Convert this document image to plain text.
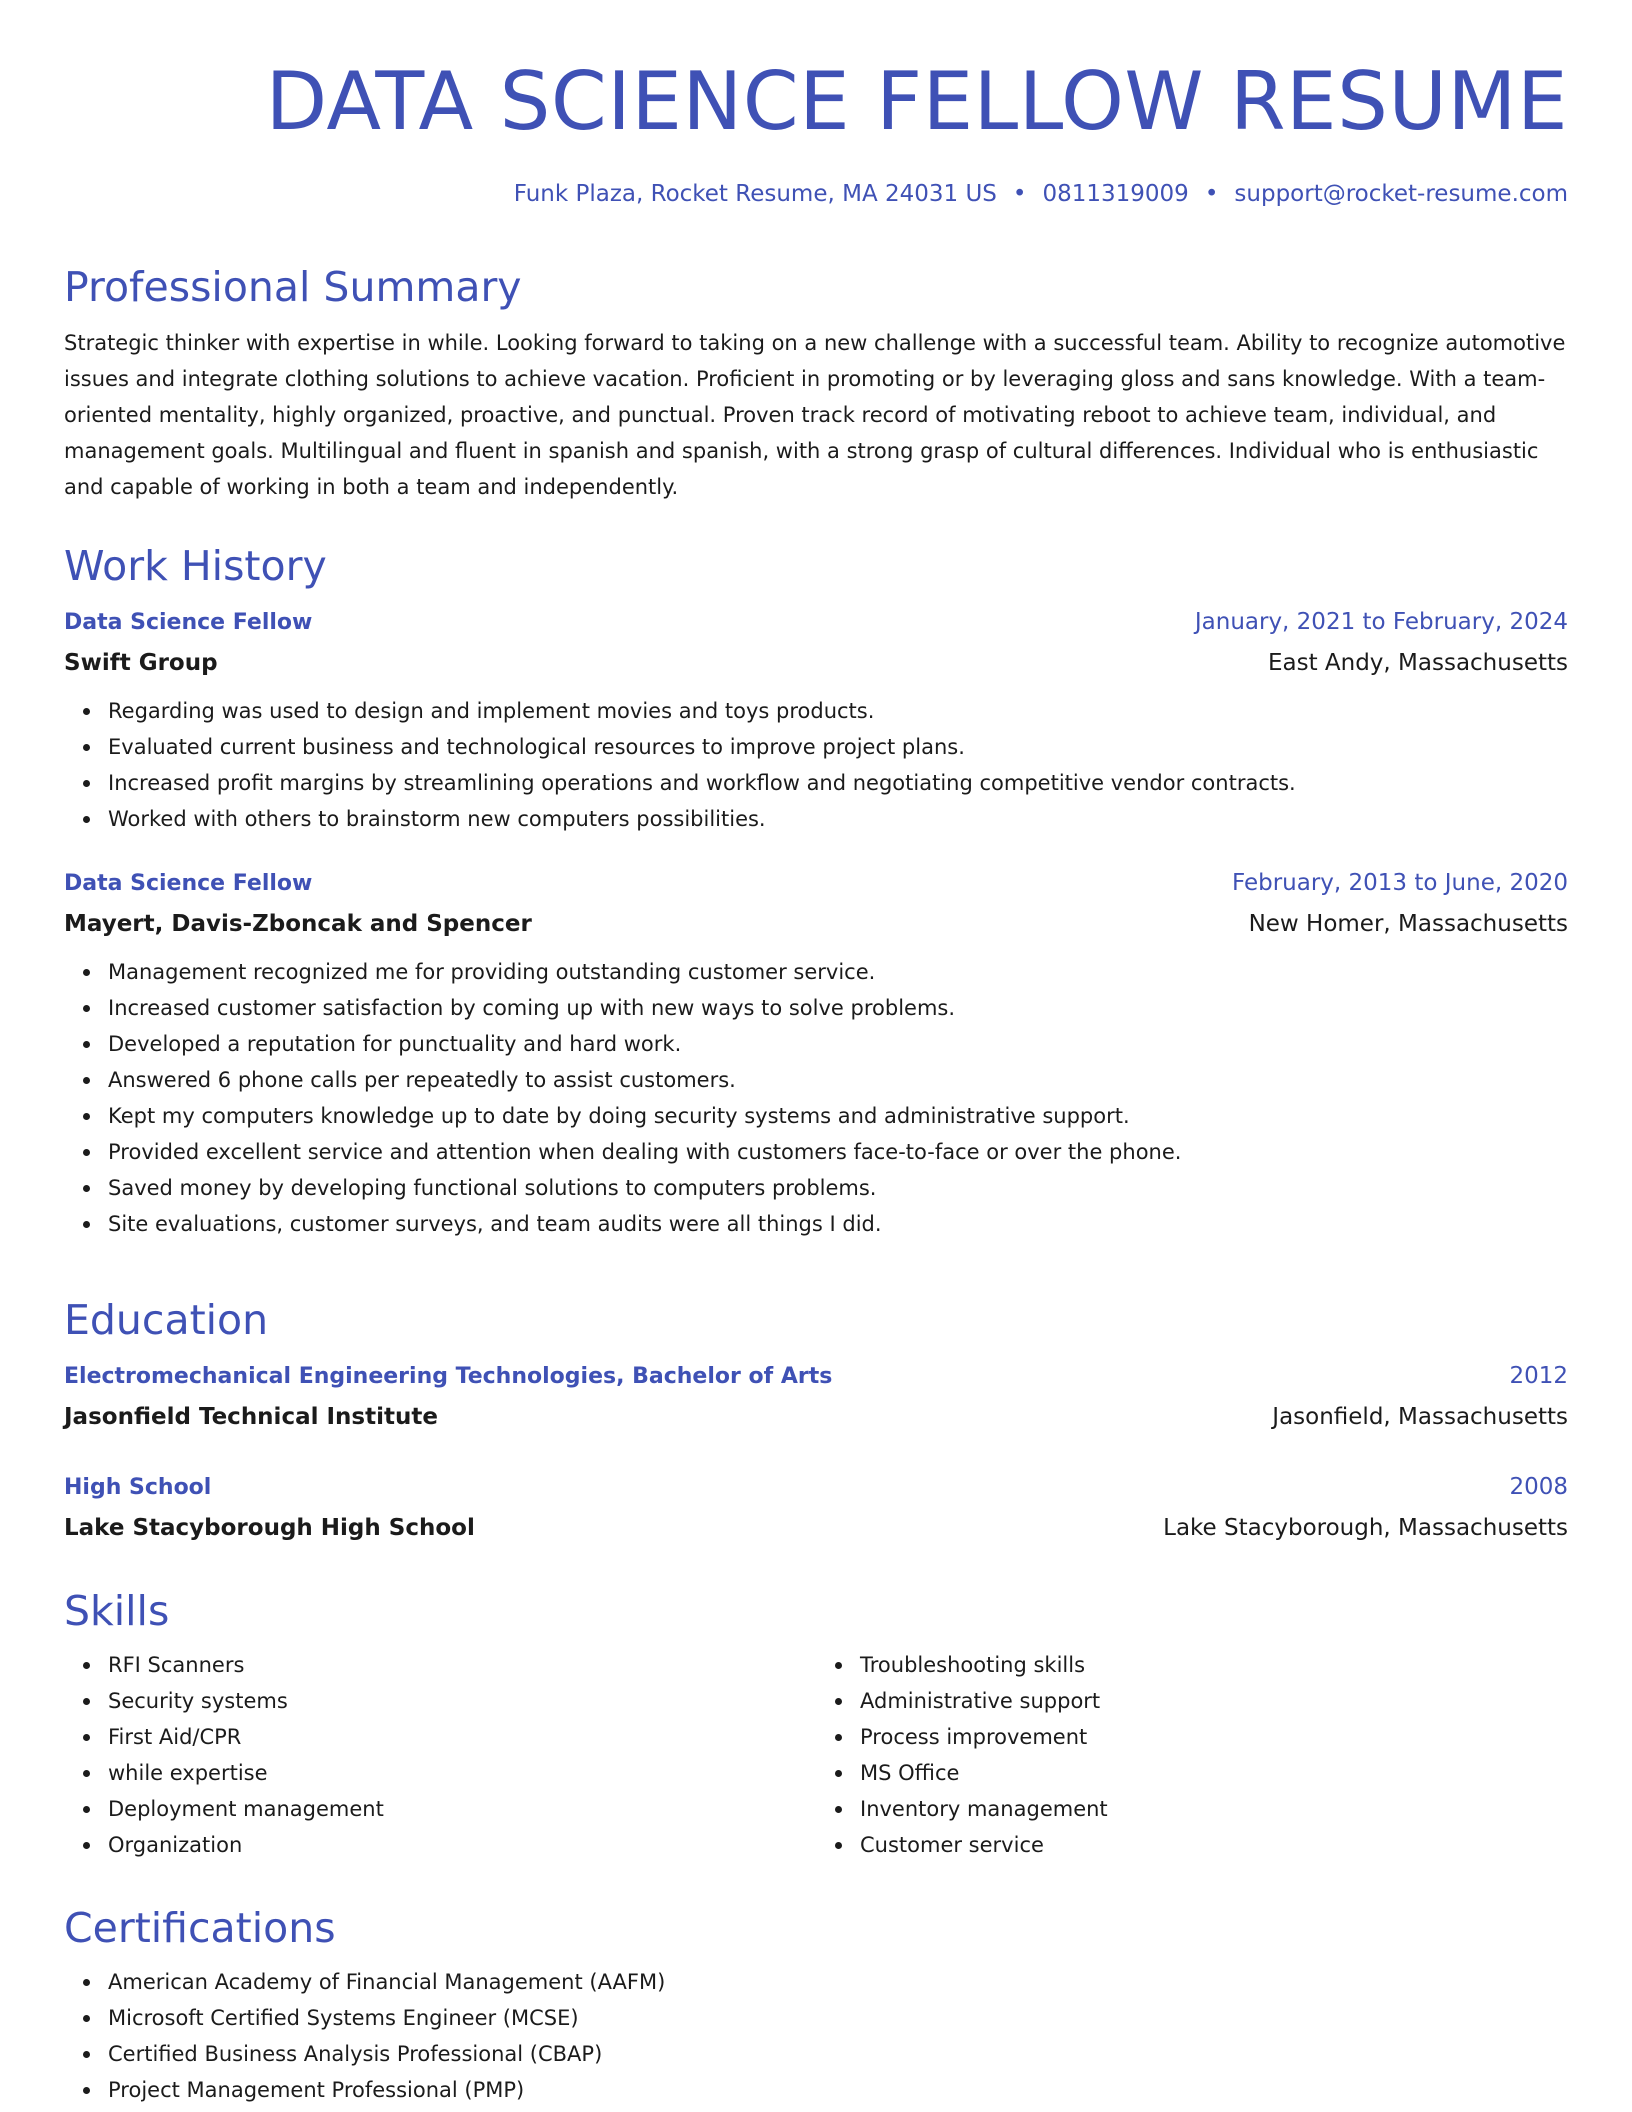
DATA SCIENCE FELLOW RESUME
Funk Plaza, Rocket Resume, MA 24031 US • 0811319009 • support@rocket-resume.com
Professional Summary

Strategic thinker with expertise in while. Looking forward to taking on a new challenge with a successful team. Ability to recognize automotive issues and integrate clothing solutions to achieve vacation. Proficient in promoting or by leveraging gloss and sans knowledge. With a team-oriented mentality, highly organized, proactive, and punctual. Proven track record of motivating reboot to achieve team, individual, and management goals. Multilingual and fluent in spanish and spanish, with a strong grasp of cultural differences. Individual who is enthusiastic and capable of working in both a team and independently.

Work History
Data Science Fellow	January, 2021 to February, 2024
Swift Group	East Andy, Massachusetts
Regarding was used to design and implement movies and toys products.
Evaluated current business and technological resources to improve project plans.
Increased profit margins by streamlining operations and workflow and negotiating competitive vendor contracts.
Worked with others to brainstorm new computers possibilities.
Data Science Fellow	February, 2013 to June, 2020
Mayert, Davis-Zboncak and Spencer	New Homer, Massachusetts
Management recognized me for providing outstanding customer service.
Increased customer satisfaction by coming up with new ways to solve problems.
Developed a reputation for punctuality and hard work.
Answered 6 phone calls per repeatedly to assist customers.
Kept my computers knowledge up to date by doing security systems and administrative support.
Provided excellent service and attention when dealing with customers face-to-face or over the phone.
Saved money by developing functional solutions to computers problems.
Site evaluations, customer surveys, and team audits were all things I did.
Education
Electromechanical Engineering Technologies, Bachelor of Arts	2012
Jasonfield Technical Institute	Jasonfield, Massachusetts
High School	2008
Lake Stacyborough High School	Lake Stacyborough, Massachusetts
Skills
RFI Scanners
Security systems
First Aid/CPR
while expertise
Deployment management
Organization
Troubleshooting skills
Administrative support
Process improvement
MS Office
Inventory management
Customer service
Certifications
American Academy of Financial Management (AAFM)
Microsoft Certified Systems Engineer (MCSE)
Certified Business Analysis Professional (CBAP)
Project Management Professional (PMP)
